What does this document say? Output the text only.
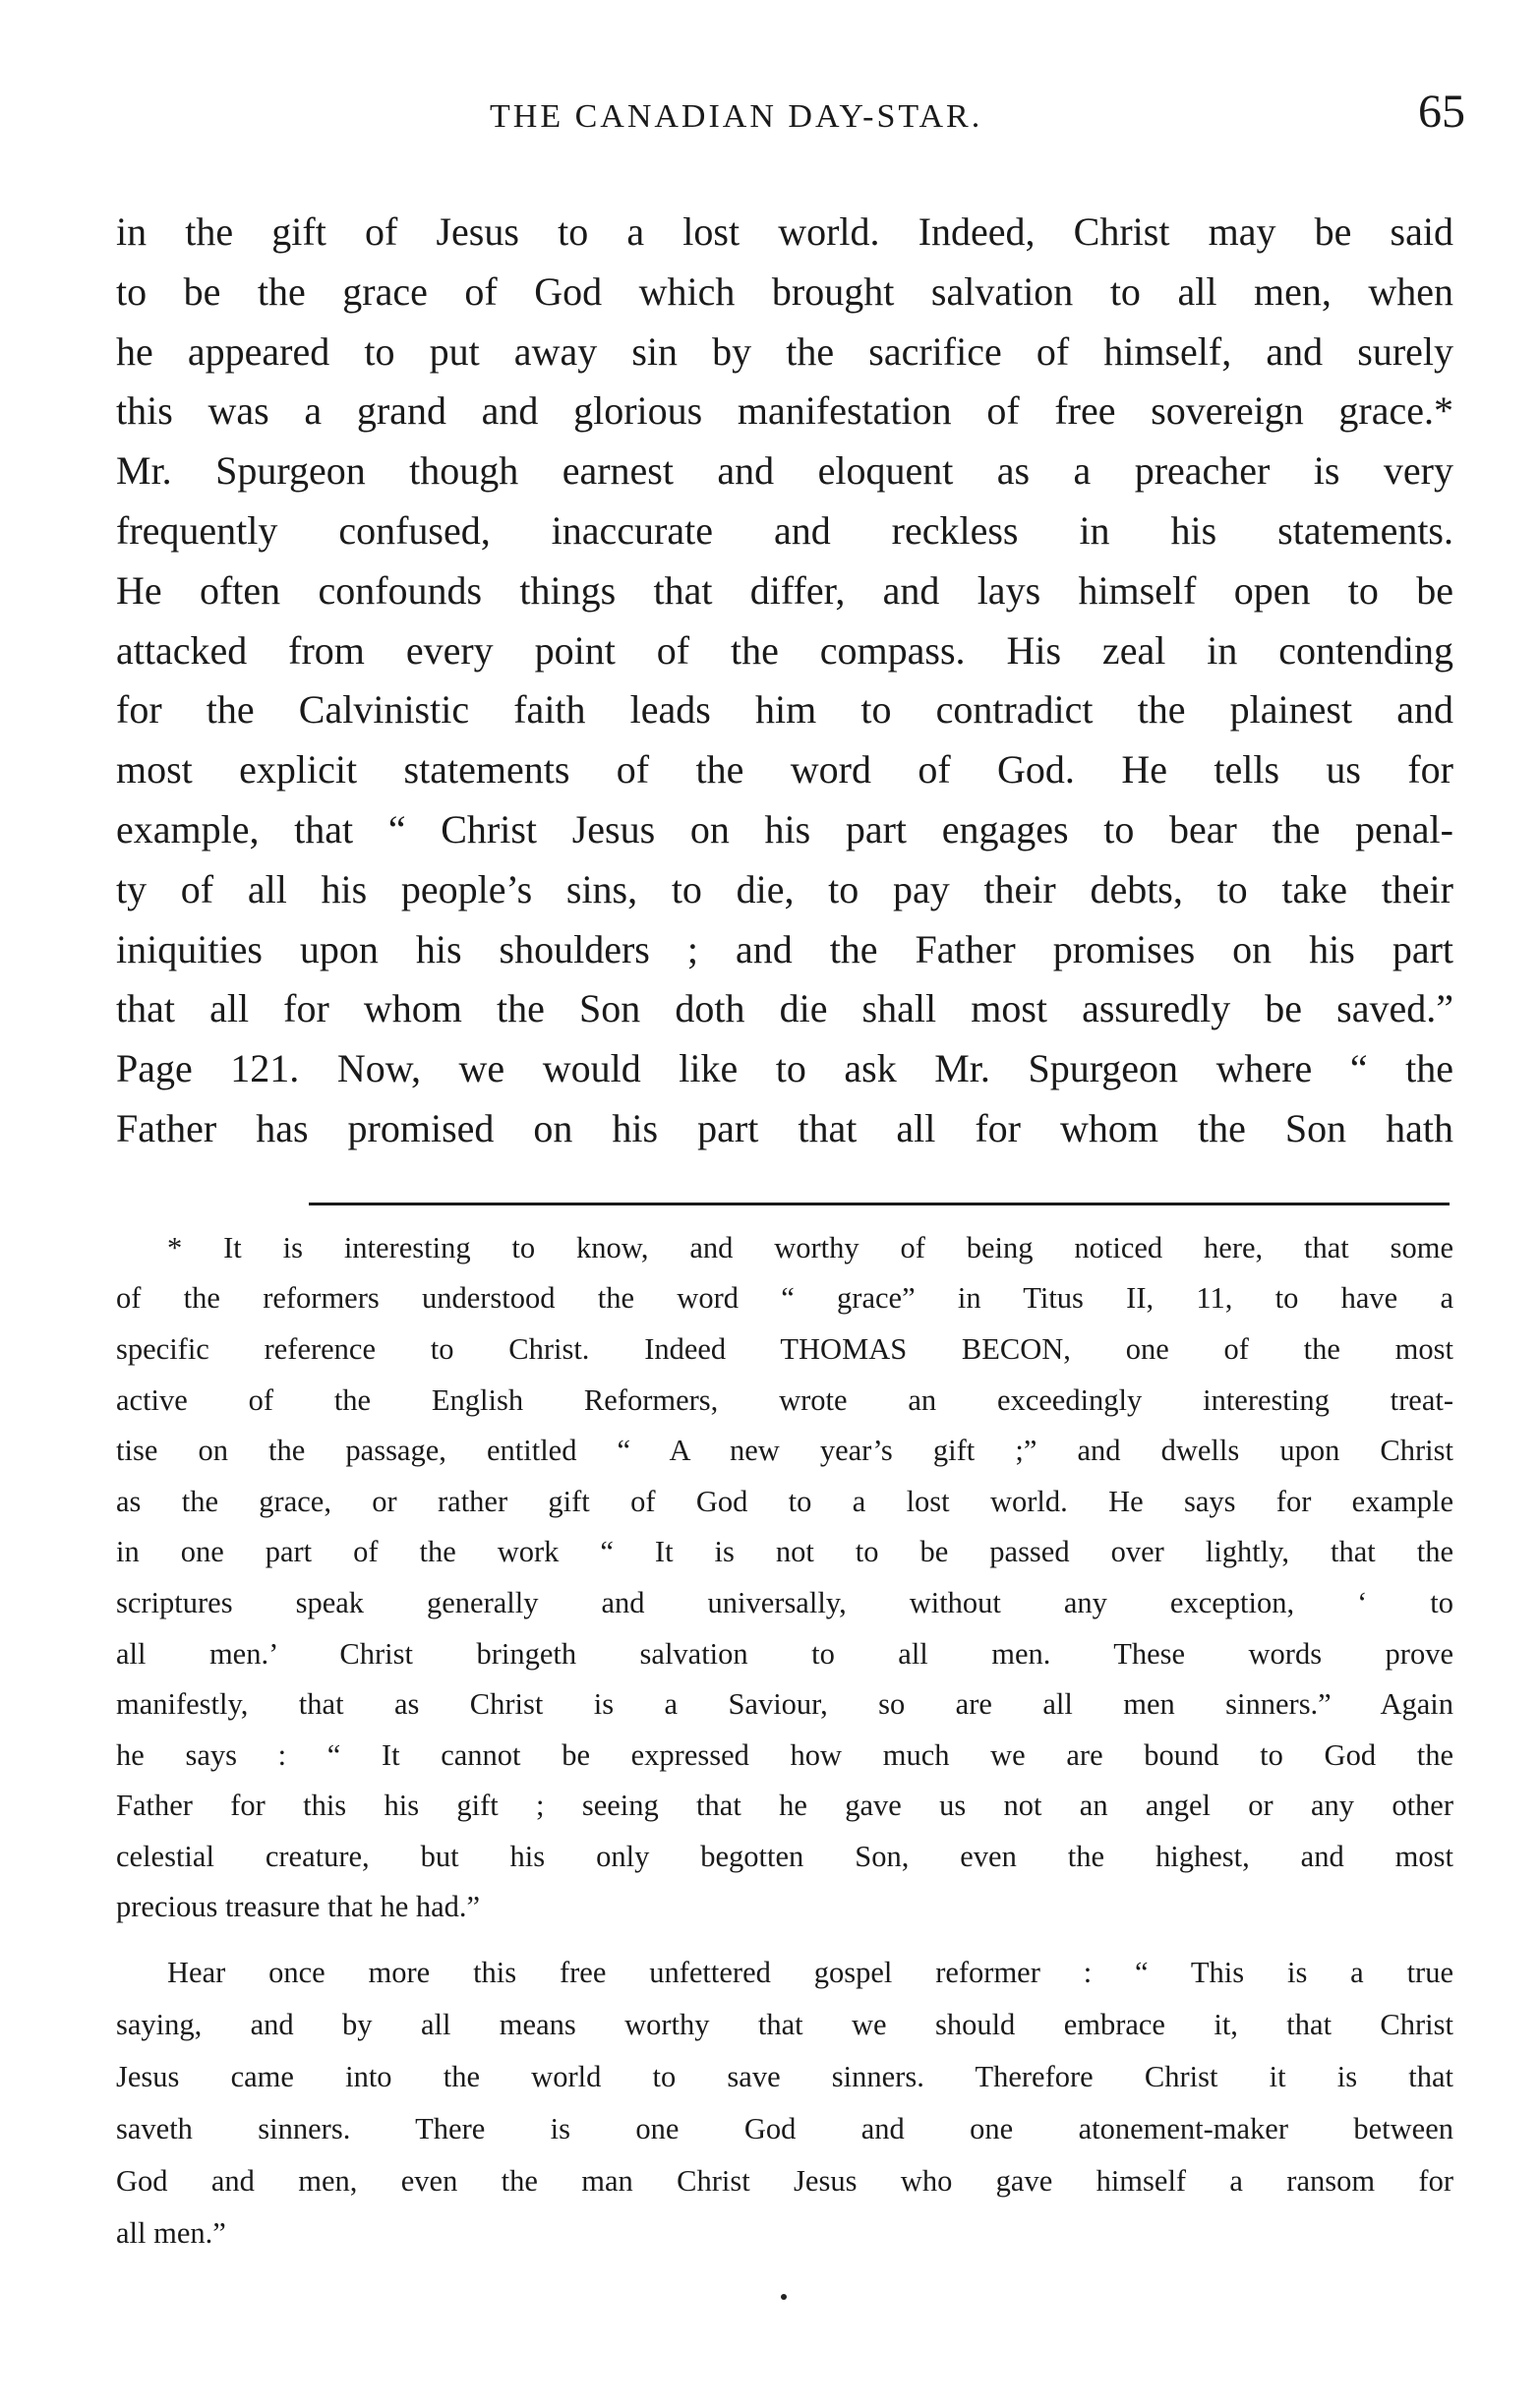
THE CANADIAN DAY-STAR.	65
in the gift of Jesus to a lost world. Indeed, Christ may be said
to be the grace of God which brought salvation to all men, when
he appeared to put away sin by the sacrifice of himself, and surely
this was a grand and glorious manifestation of free sovereign grace.*
Mr. Spurgeon though earnest and eloquent as a preacher is very
frequently confused, inaccurate and reckless in his statements.
He often confounds things that differ, and lays himself open to be
attacked from every point of the compass. His zeal in contending
for the Calvinistic faith leads him to contradict the plainest and
most explicit statements of the word of God. He tells us for
example, that “ Christ Jesus on his part engages to bear the penal-
ty of all his people’s sins, to die, to pay their debts, to take their
iniquities upon his shoulders ; and the Father promises on his part
that all for whom the Son doth die shall most assuredly be saved.”
Page 121. Now, we would like to ask Mr. Spurgeon where “ the
Father has promised on his part that all for whom the Son hath
* It is interesting to know, and worthy of being noticed here, that some
of the reformers understood the word “ grace” in Titus II, 11, to have a
specific reference to Christ. Indeed THOMAS BECON, one of the most
active of the English Reformers, wrote an exceedingly interesting treat-
tise on the passage, entitled “ A new year’s gift ;” and dwells upon Christ
as the grace, or rather gift of God to a lost world. He says for example
in one part of the work “ It is not to be passed over lightly, that the
scriptures speak generally and universally, without any exception, ‘ to
all men.’ Christ bringeth salvation to all men. These words prove
manifestly, that as Christ is a Saviour, so are all men sinners.” Again
he says : “ It cannot be expressed how much we are bound to God the
Father for this his gift ; seeing that he gave us not an angel or any other
celestial creature, but his only begotten Son, even the highest, and most
precious treasure that he had.”
Hear once more this free unfettered gospel reformer : “ This is a true
saying, and by all means worthy that we should embrace it, that Christ
Jesus came into the world to save sinners. Therefore Christ it is that
saveth sinners. There is one God and one atonement-maker between
God and men, even the man Christ Jesus who gave himself a ransom for
all men.”
